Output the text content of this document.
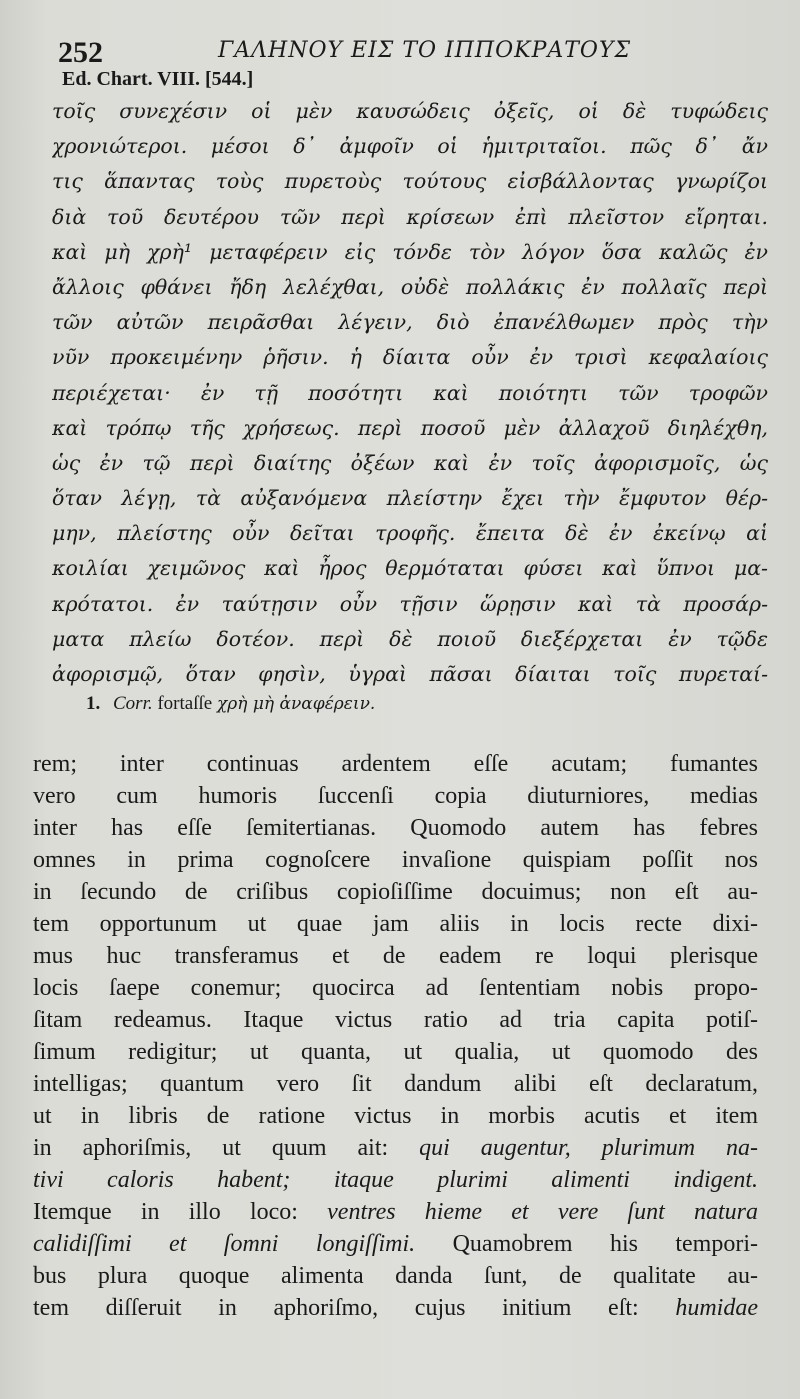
252	ΓΑΛΗΝΟΥ ΕΙΣ ΤΟ ΙΠΠΟΚΡΑΤΟΥΣ
Ed. Chart. VIII. [544.]
τοῖς συνεχέσιν οἱ μὲν καυσώδεις ὀξεῖς, οἱ δὲ τυφώδεις
χρονιώτεροι. μέσοι δ᾽ ἀμφοῖν οἱ ἡμιτριταῖοι. πῶς δ᾽ ἄν
τις ἅπαντας τοὺς πυρετοὺς τούτους εἰσβάλλοντας γνωρίζοι
διὰ τοῦ δευτέρου τῶν περὶ κρίσεων ἐπὶ πλεῖστον εἴρηται.
καὶ μὴ χρὴ¹ μεταφέρειν εἰς τόνδε τὸν λόγον ὅσα καλῶς ἐν
ἄλλοις φθάνει ἤδη λελέχθαι, οὐδὲ πολλάκις ἐν πολλαῖς περὶ
τῶν αὐτῶν πειρᾶσθαι λέγειν, διὸ ἐπανέλθωμεν πρὸς τὴν
νῦν προκειμένην ῥῆσιν. ἡ δίαιτα οὖν ἐν τρισὶ κεφαλαίοις
περιέχεται· ἐν τῇ ποσότητι καὶ ποιότητι τῶν τροφῶν
καὶ τρόπῳ τῆς χρήσεως. περὶ ποσοῦ μὲν ἀλλαχοῦ διηλέχθη,
ὡς ἐν τῷ περὶ διαίτης ὀξέων καὶ ἐν τοῖς ἀφορισμοῖς, ὡς
ὅταν λέγῃ, τὰ αὐξανόμενα πλείστην ἔχει τὴν ἔμφυτον θέρ-
μην, πλείστης οὖν δεῖται τροφῆς. ἔπειτα δὲ ἐν ἐκείνῳ αἱ
κοιλίαι χειμῶνος καὶ ἦρος θερμόταται φύσει καὶ ὕπνοι μα-
κρότατοι. ἐν ταύτῃσιν οὖν τῇσιν ὥρῃσιν καὶ τὰ προσάρ-
ματα πλείω δοτέον. περὶ δὲ ποιοῦ διεξέρχεται ἐν τῷδε
ἀφορισμῷ, ὅταν φησὶν, ὑγραὶ πᾶσαι δίαιται τοῖς πυρεταί-
1. Corr. fortaſſe χρὴ μὴ ἀναφέρειν.
rem; inter continuas ardentem eſſe acutam; fumantes
vero cum humoris ſuccenſi copia diuturniores, medias
inter has eſſe ſemitertianas. Quomodo autem has febres
omnes in prima cognoſcere invaſione quispiam poſſit nos
in ſecundo de criſibus copioſiſſime docuimus; non eſt au-
tem opportunum ut quae jam aliis in locis recte dixi-
mus huc transferamus et de eadem re loqui plerisque
locis ſaepe conemur; quocirca ad ſententiam nobis propo-
ſitam redeamus. Itaque victus ratio ad tria capita potiſ-
ſimum redigitur; ut quanta, ut qualia, ut quomodo des
intelligas; quantum vero ſit dandum alibi eſt declaratum,
ut in libris de ratione victus in morbis acutis et item
in aphoriſmis, ut quum ait: qui augentur, plurimum na-
tivi caloris habent; itaque plurimi alimenti indigent.
Itemque in illo loco: ventres hieme et vere ſunt natura
calidiſſimi et ſomni longiſſimi. Quamobrem his tempori-
bus plura quoque alimenta danda ſunt, de qualitate au-
tem diſſeruit in aphoriſmo, cujus initium eſt: humidae
